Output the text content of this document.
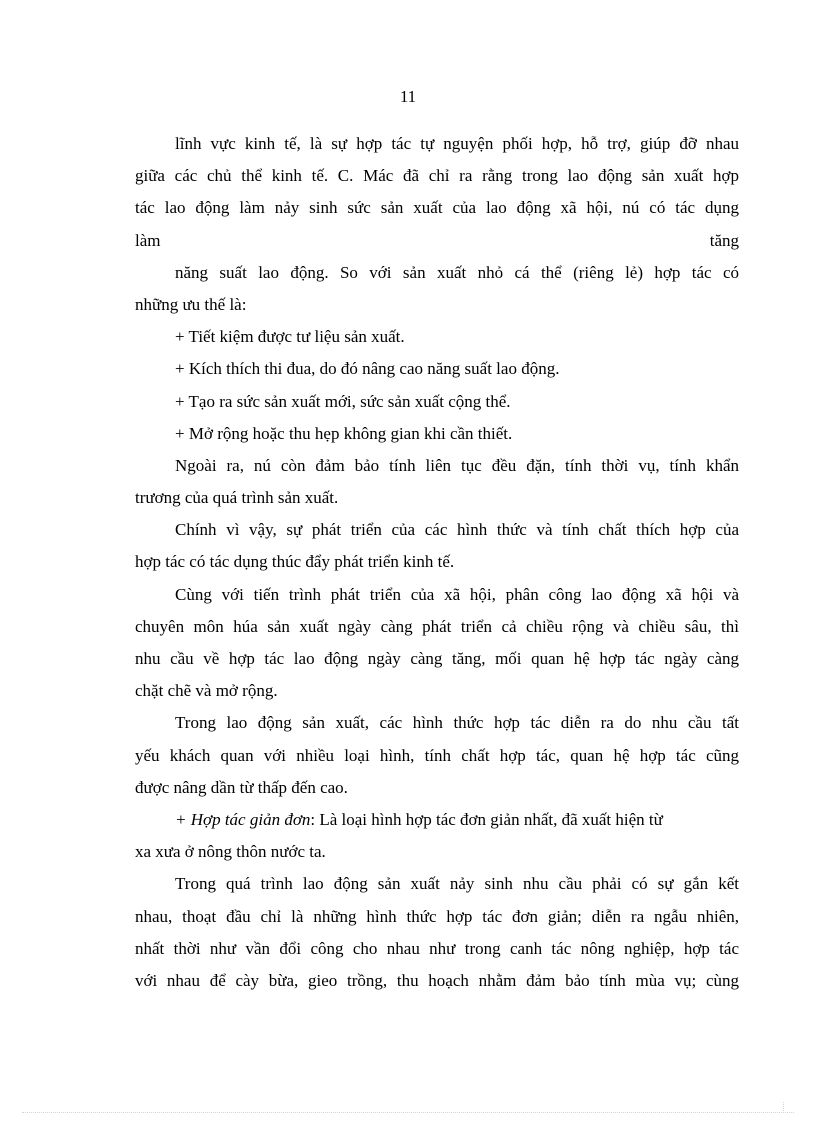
11
lĩnh vực kinh tế, là sự hợp tác tự nguyện phối hợp, hỗ trợ, giúp đỡ nhau
giữa các chủ thể kinh tế. C. Mác đã chỉ ra rằng trong lao động sản xuất hợp
tác lao động làm nảy sinh sức sản xuất của lao động xã hội, nú có tác dụng
làm tăng
năng suất lao động. So với sản xuất nhỏ cá thể (riêng lẻ) hợp tác có
những ưu thế là:
+ Tiết kiệm được tư liệu sản xuất.
+ Kích thích thi đua, do đó nâng cao năng suất lao động.
+ Tạo ra sức sản xuất mới, sức sản xuất cộng thể.
+ Mở rộng hoặc thu hẹp không gian khi cần thiết.
Ngoài ra, nú còn đảm bảo tính liên tục đều đặn, tính thời vụ, tính khẩn
trương của quá trình sản xuất.
Chính vì vậy, sự phát triển của các hình thức và tính chất thích hợp của
hợp tác có tác dụng thúc đẩy phát triển kinh tế.
Cùng với tiến trình phát triển của xã hội, phân công lao động xã hội và
chuyên môn húa sản xuất ngày càng phát triển cả chiều rộng và chiều sâu, thì
nhu cầu về hợp tác lao động ngày càng tăng, mối quan hệ hợp tác ngày càng
chặt chẽ và mở rộng.
Trong lao động sản xuất, các hình thức hợp tác diễn ra do nhu cầu tất
yếu khách quan với nhiều loại hình, tính chất hợp tác, quan hệ hợp tác cũng
được nâng dần từ thấp đến cao.
+ Hợp tác giản đơn: Là loại hình hợp tác đơn giản nhất, đã xuất hiện từ
xa xưa ở nông thôn nước ta.
Trong quá trình lao động sản xuất nảy sinh nhu cầu phải có sự gắn kết
nhau, thoạt đầu chỉ là những hình thức hợp tác đơn giản; diễn ra ngẫu nhiên,
nhất thời như vần đổi công cho nhau như trong canh tác nông nghiệp, hợp tác
với nhau để cày bừa, gieo trồng, thu hoạch nhằm đảm bảo tính mùa vụ; cùng
